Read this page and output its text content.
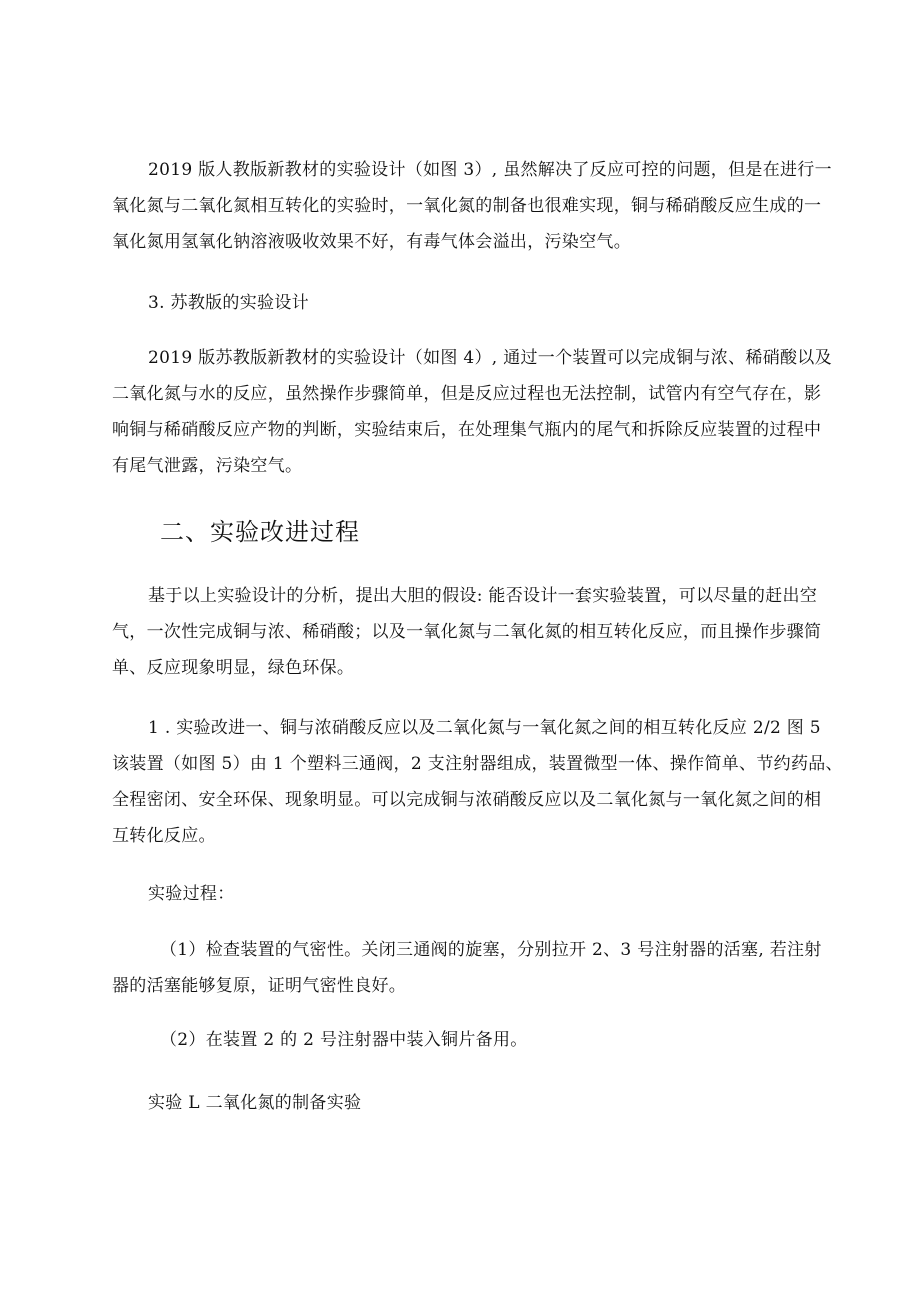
2019 版人教版新教材的实验设计（如图 3）, 虽然解决了反应可控的问题，但是在进行一
氧化氮与二氧化氮相互转化的实验时，一氧化氮的制备也很难实现，铜与稀硝酸反应生成的一
氧化氮用氢氧化钠溶液吸收效果不好，有毒气体会溢出，污染空气。

3. 苏教版的实验设计

2019 版苏教版新教材的实验设计（如图 4）, 通过一个装置可以完成铜与浓、稀硝酸以及
二氧化氮与水的反应，虽然操作步骤简单，但是反应过程也无法控制，试管内有空气存在，影
响铜与稀硝酸反应产物的判断，实验结束后，在处理集气瓶内的尾气和拆除反应装置的过程中
有尾气泄露，污染空气。

二、实验改进过程

基于以上实验设计的分析，提出大胆的假设: 能否设计一套实验装置，可以尽量的赶出空
气，一次性完成铜与浓、稀硝酸；以及一氧化氮与二氧化氮的相互转化反应，而且操作步骤简
单、反应现象明显，绿色环保。

1 . 实验改进一、铜与浓硝酸反应以及二氧化氮与一氧化氮之间的相互转化反应 2/2 图 5
该装置（如图 5）由 1 个塑料三通阀，2 支注射器组成，装置微型一体、操作简单、节约药品、
全程密闭、安全环保、现象明显。可以完成铜与浓硝酸反应以及二氧化氮与一氧化氮之间的相
互转化反应。

实验过程：

（1）检查装置的气密性。关闭三通阀的旋塞，分别拉开 2、3 号注射器的活塞, 若注射
器的活塞能够复原，证明气密性良好。

（2）在装置 2 的 2 号注射器中装入铜片备用。

实验 L 二氧化氮的制备实验
